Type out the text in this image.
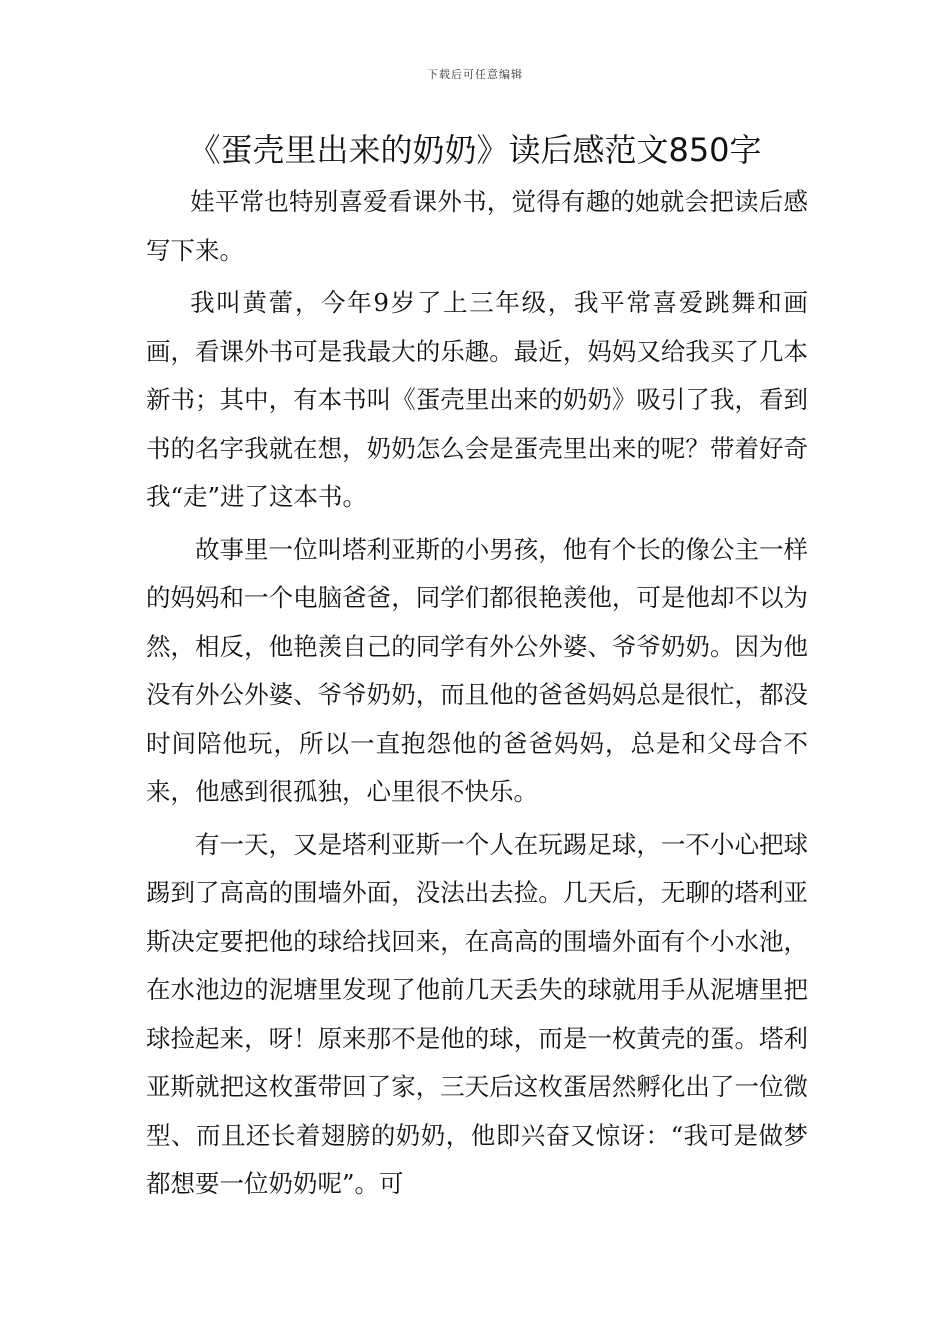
下载后可任意编辑
《蛋壳里出来的奶奶》读后感范文850字

娃平常也特别喜爱看课外书，觉得有趣的她就会把读后感写下来。

我叫黄蕾，今年9岁了上三年级，我平常喜爱跳舞和画画，看课外书可是我最大的乐趣。最近，妈妈又给我买了几本新书；其中，有本书叫《蛋壳里出来的奶奶》吸引了我，看到书的名字我就在想，奶奶怎么会是蛋壳里出来的呢？带着好奇我“走”进了这本书。

故事里一位叫塔利亚斯的小男孩，他有个长的像公主一样的妈妈和一个电脑爸爸，同学们都很艳羡他，可是他却不以为然，相反，他艳羡自己的同学有外公外婆、爷爷奶奶。因为他没有外公外婆、爷爷奶奶，而且他的爸爸妈妈总是很忙，都没时间陪他玩，所以一直抱怨他的爸爸妈妈，总是和父母合不来，他感到很孤独，心里很不快乐。

有一天，又是塔利亚斯一个人在玩踢足球，一不小心把球踢到了高高的围墙外面，没法出去捡。几天后，无聊的塔利亚斯决定要把他的球给找回来，在高高的围墙外面有个小水池，在水池边的泥塘里发现了他前几天丢失的球就用手从泥塘里把球捡起来，呀！原来那不是他的球，而是一枚黄壳的蛋。塔利亚斯就把这枚蛋带回了家，三天后这枚蛋居然孵化出了一位微型、而且还长着翅膀的奶奶，他即兴奋又惊讶：“我可是做梦都想要一位奶奶呢”。可
